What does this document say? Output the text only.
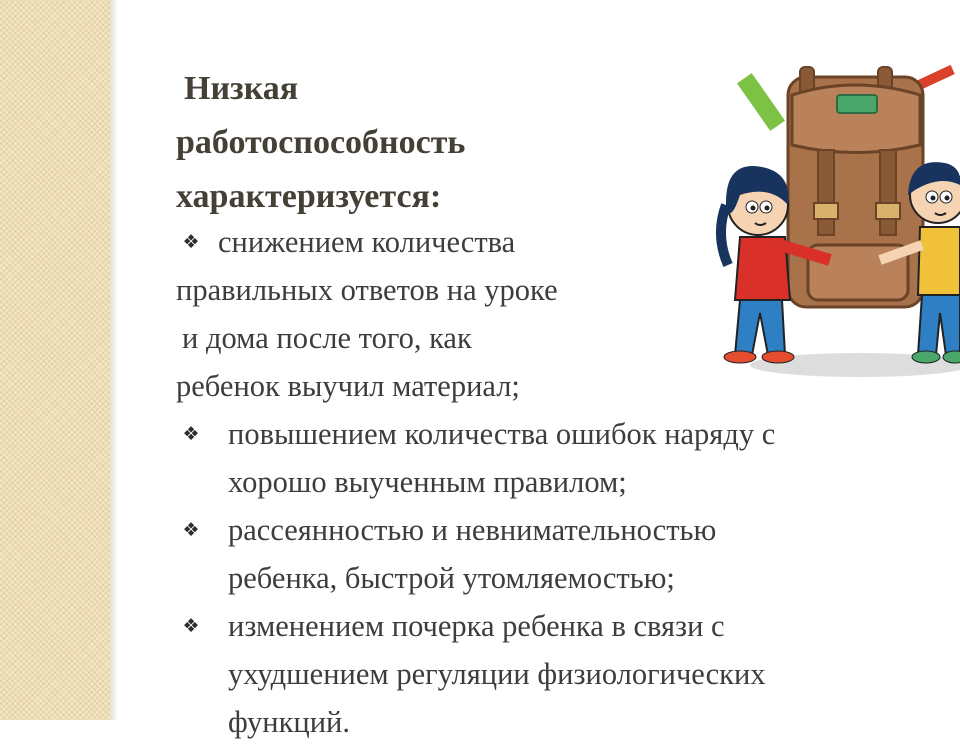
Низкая
работоспособность
характеризуется:
❖ снижением количества
правильных ответов на уроке
и дома после того, как
ребенок выучил материал;
❖ повышением количества ошибок наряду с
хорошо выученным правилом;
❖ рассеянностью и невнимательностью
ребенка, быстрой утомляемостью;
❖ изменением почерка ребенка в связи с
ухудшением регуляции физиологических
функций.
